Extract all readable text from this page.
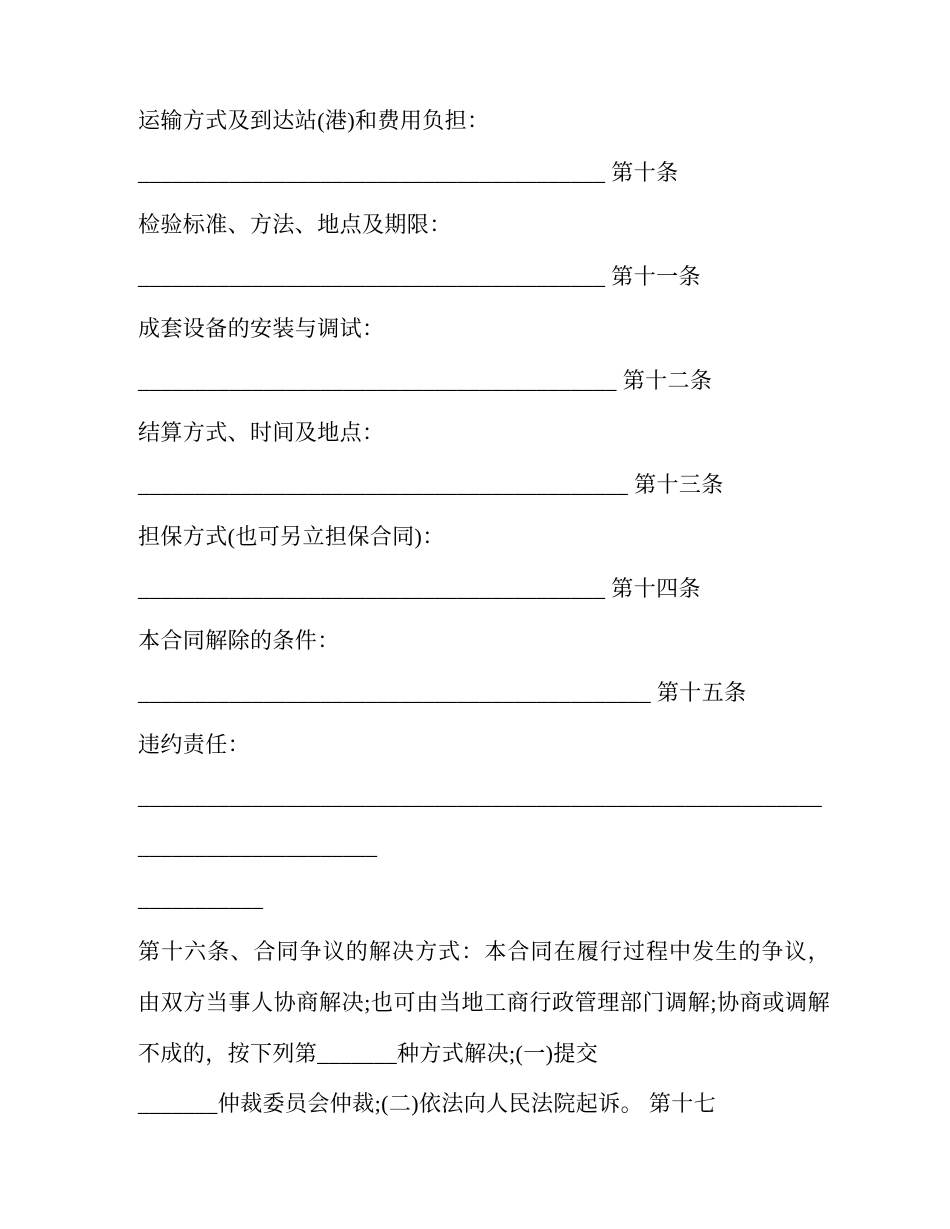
运输方式及到达站(港)和费用负担：

_________________________________________ 第十条

检验标准、方法、地点及期限：

_________________________________________ 第十一条

成套设备的安装与调试：

__________________________________________ 第十二条

结算方式、时间及地点：

___________________________________________ 第十三条

担保方式(也可另立担保合同)：

_________________________________________ 第十四条

本合同解除的条件：

_____________________________________________ 第十五条

违约责任：

_________________________________________________________________________________

___________

第十六条、合同争议的解决方式：本合同在履行过程中发生的争议，由双方当事人协商解决;也可由当地工商行政管理部门调解;协商或调解不成的，按下列第_______种方式解决;(一)提交

_______仲裁委员会仲裁;(二)依法向人民法院起诉。 第十七
